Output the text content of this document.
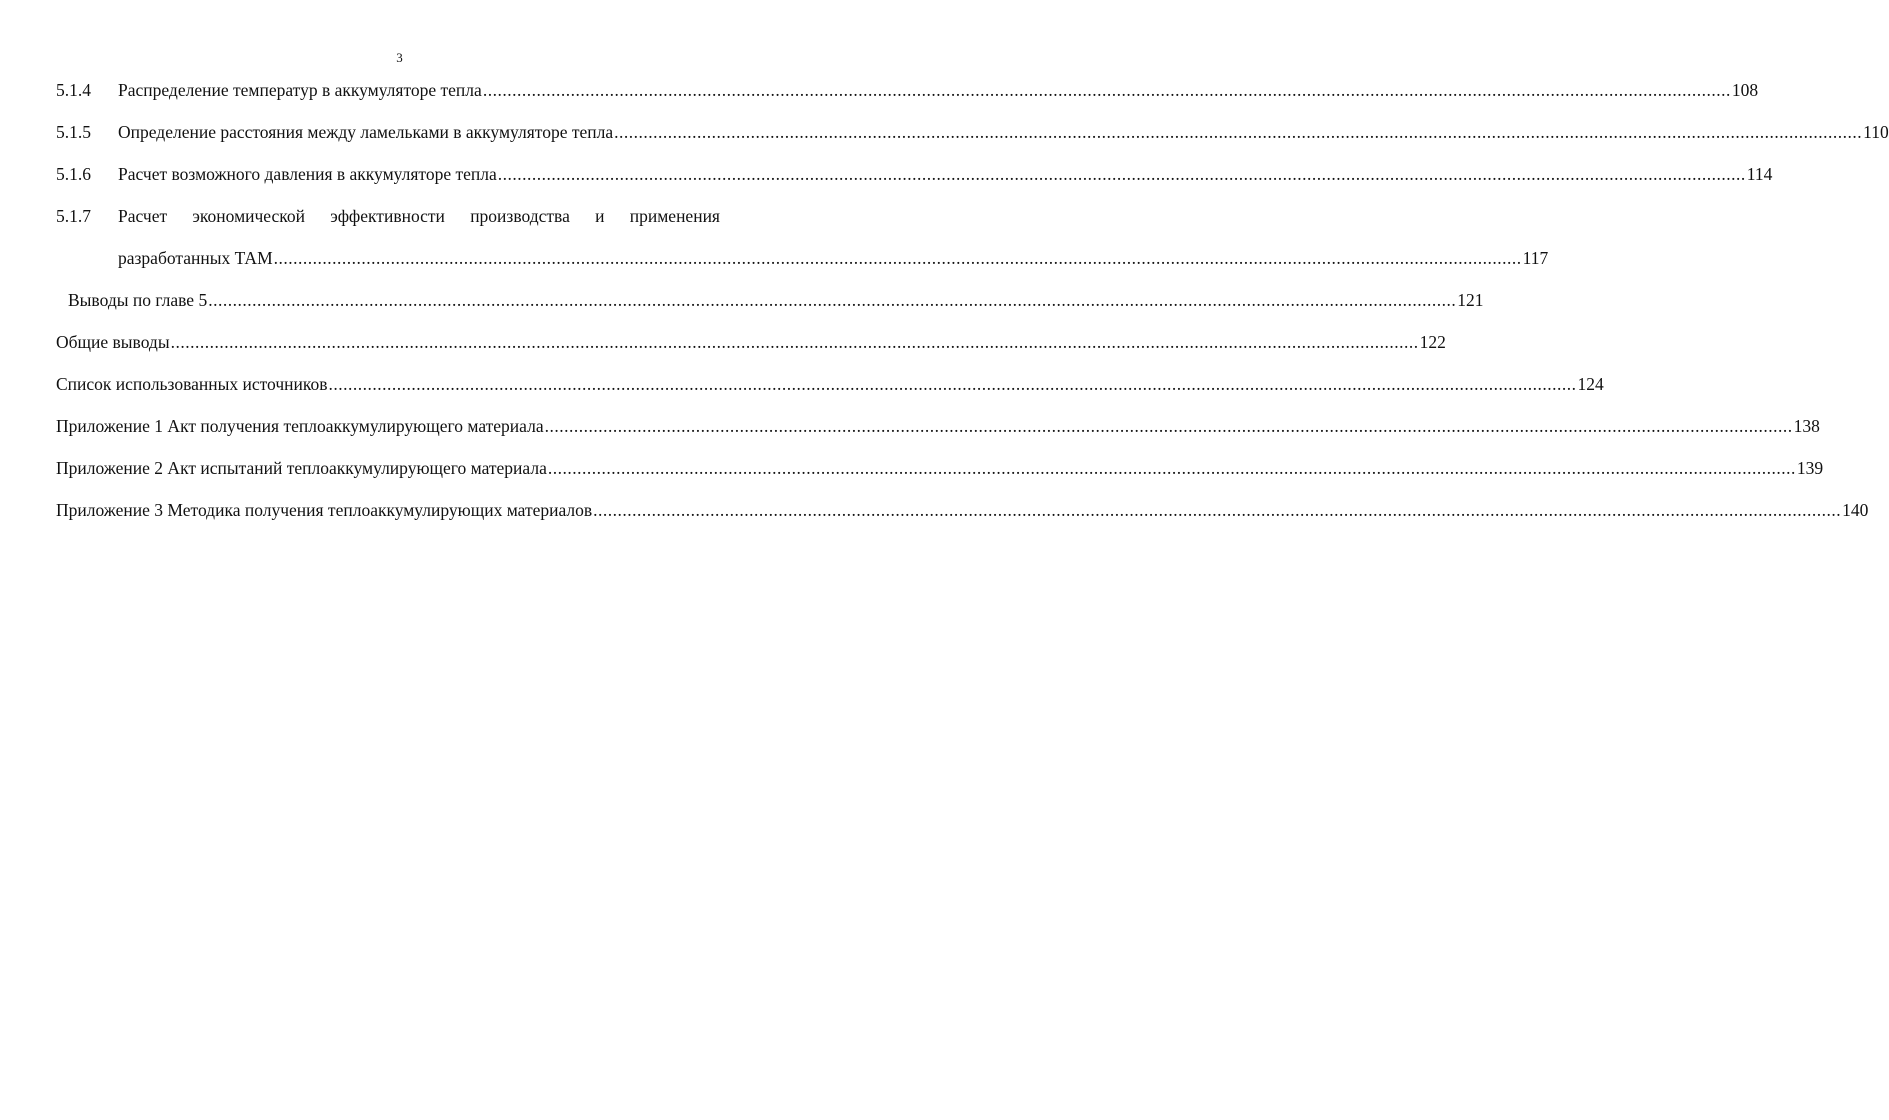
3
5.1.4	Распределение температур в аккумуляторе тепла .....	108
5.1.5	Определение расстояния между ламельками в аккумуляторе тепла .....	110
5.1.6	Расчет возможного давления в аккумуляторе тепла .....	114
5.1.7	Расчет экономической эффективности производства и применения
разработанных ТАМ .....	117
Выводы по главе 5 .....	121
Общие выводы .....	122
Список использованных источников .....	124
Приложение 1 Акт получения теплоаккумулирующего материала .....	138
Приложение 2 Акт испытаний теплоаккумулирующего материала .....	139
Приложение 3 Методика получения теплоаккумулирующих материалов .....	140
